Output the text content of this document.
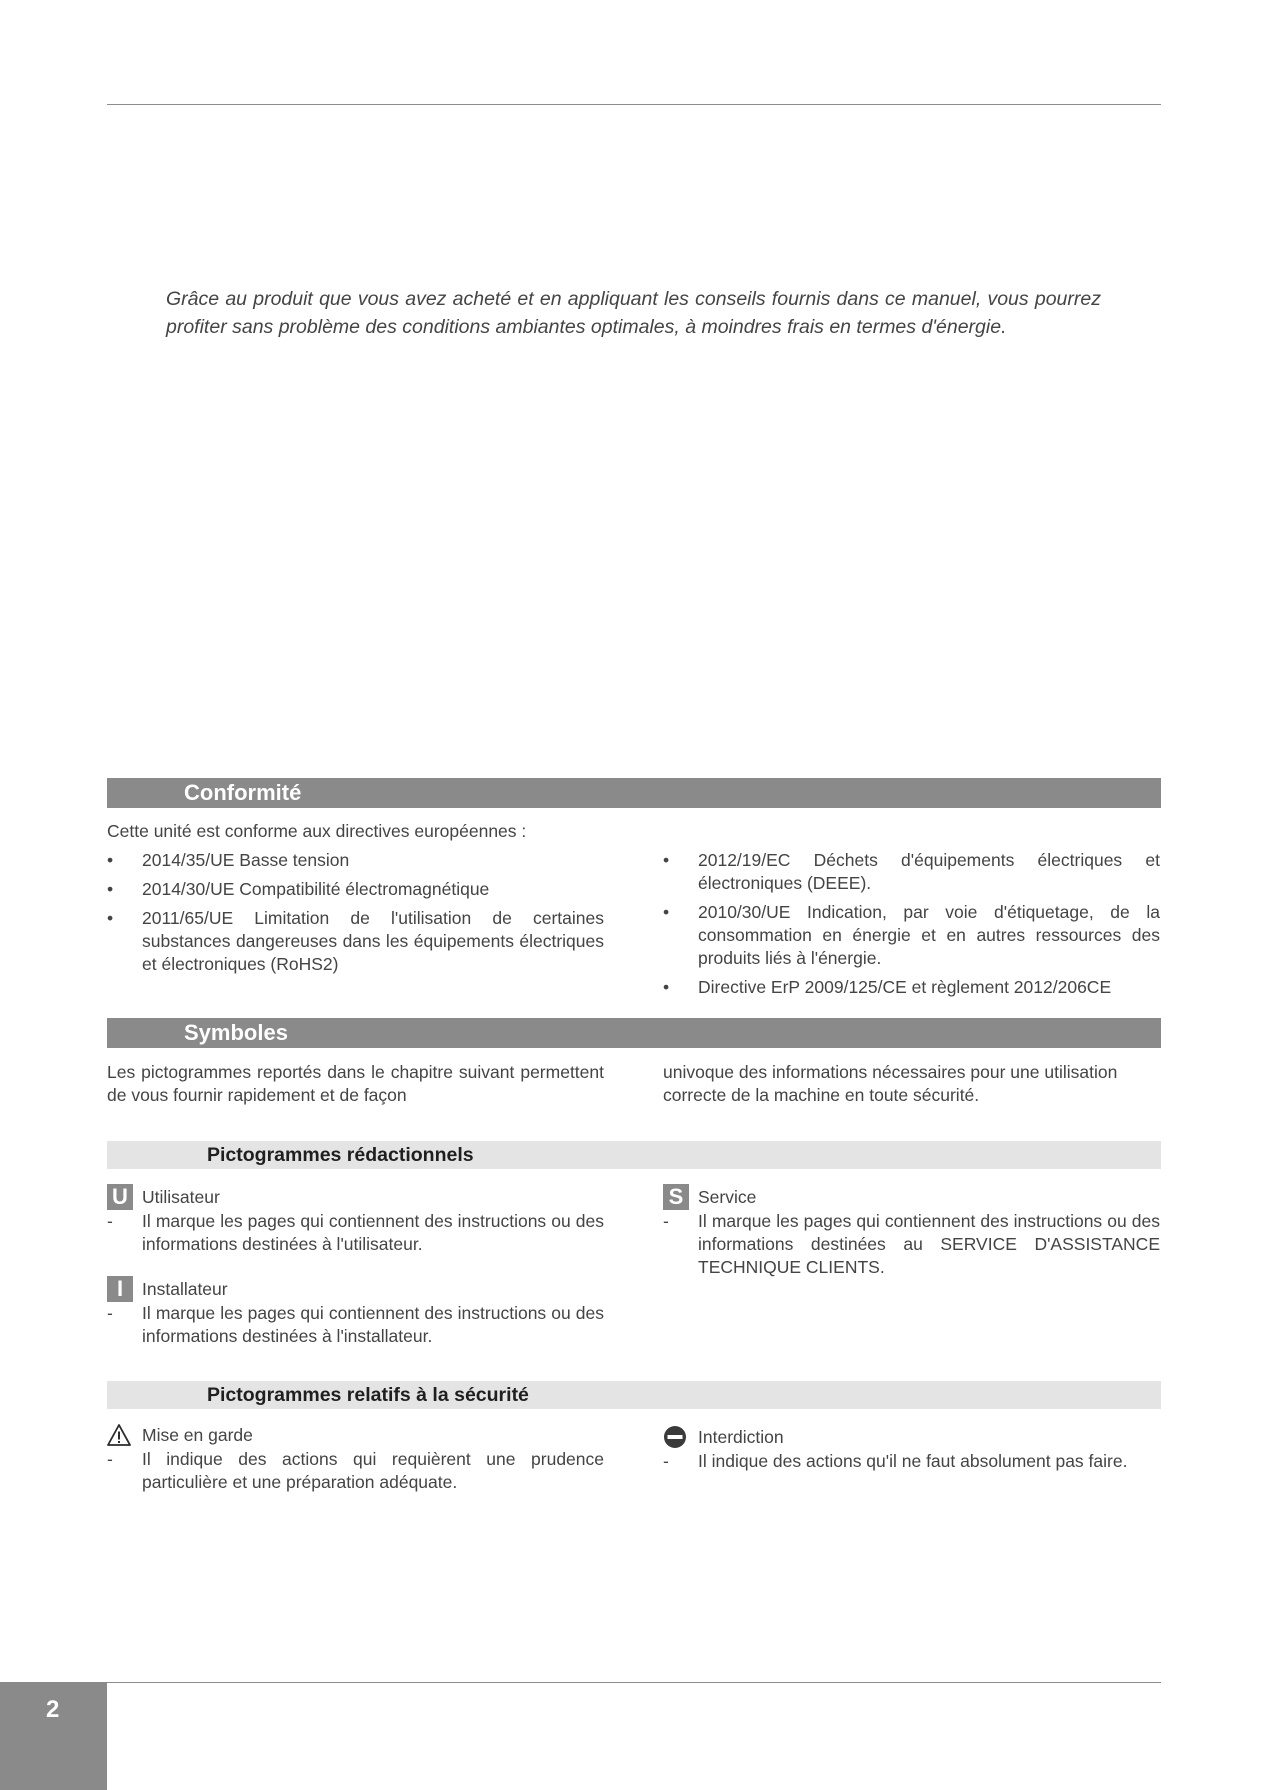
Grâce au produit que vous avez acheté et en appliquant les conseils fournis dans ce manuel, vous pourrez profiter sans problème des conditions ambiantes optimales, à moindres frais en termes d'énergie.

Conformité
Cette unité est conforme aux directives européennes :
• 2014/35/UE Basse tension
• 2014/30/UE Compatibilité électromagnétique
• 2011/65/UE Limitation de l'utilisation de certaines substances dangereuses dans les équipements électriques et électroniques (RoHS2)
• 2012/19/EC Déchets d'équipements électriques et électroniques (DEEE).
• 2010/30/UE Indication, par voie d'étiquetage, de la consommation en énergie et en autres ressources des produits liés à l'énergie.
• Directive ErP 2009/125/CE et règlement 2012/206CE
Symboles
Les pictogrammes reportés dans le chapitre suivant permettent de vous fournir rapidement et de façon
univoque des informations nécessaires pour une utilisation correcte de la machine en toute sécurité.
Pictogrammes rédactionnels
U Utilisateur
- Il marque les pages qui contiennent des instructions ou des informations destinées à l'utilisateur.
I	Installateur
- Il marque les pages qui contiennent des instructions ou des informations destinées à l'installateur.
S Service
- Il marque les pages qui contiennent des instructions ou des informations destinées au SERVICE D'ASSISTANCE TECHNIQUE CLIENTS.
Pictogrammes relatifs à la sécurité
Mise en garde
- Il indique des actions qui requièrent une prudence particulière et une préparation adéquate.
Interdiction
- Il indique des actions qu'il ne faut absolument pas faire.
2
